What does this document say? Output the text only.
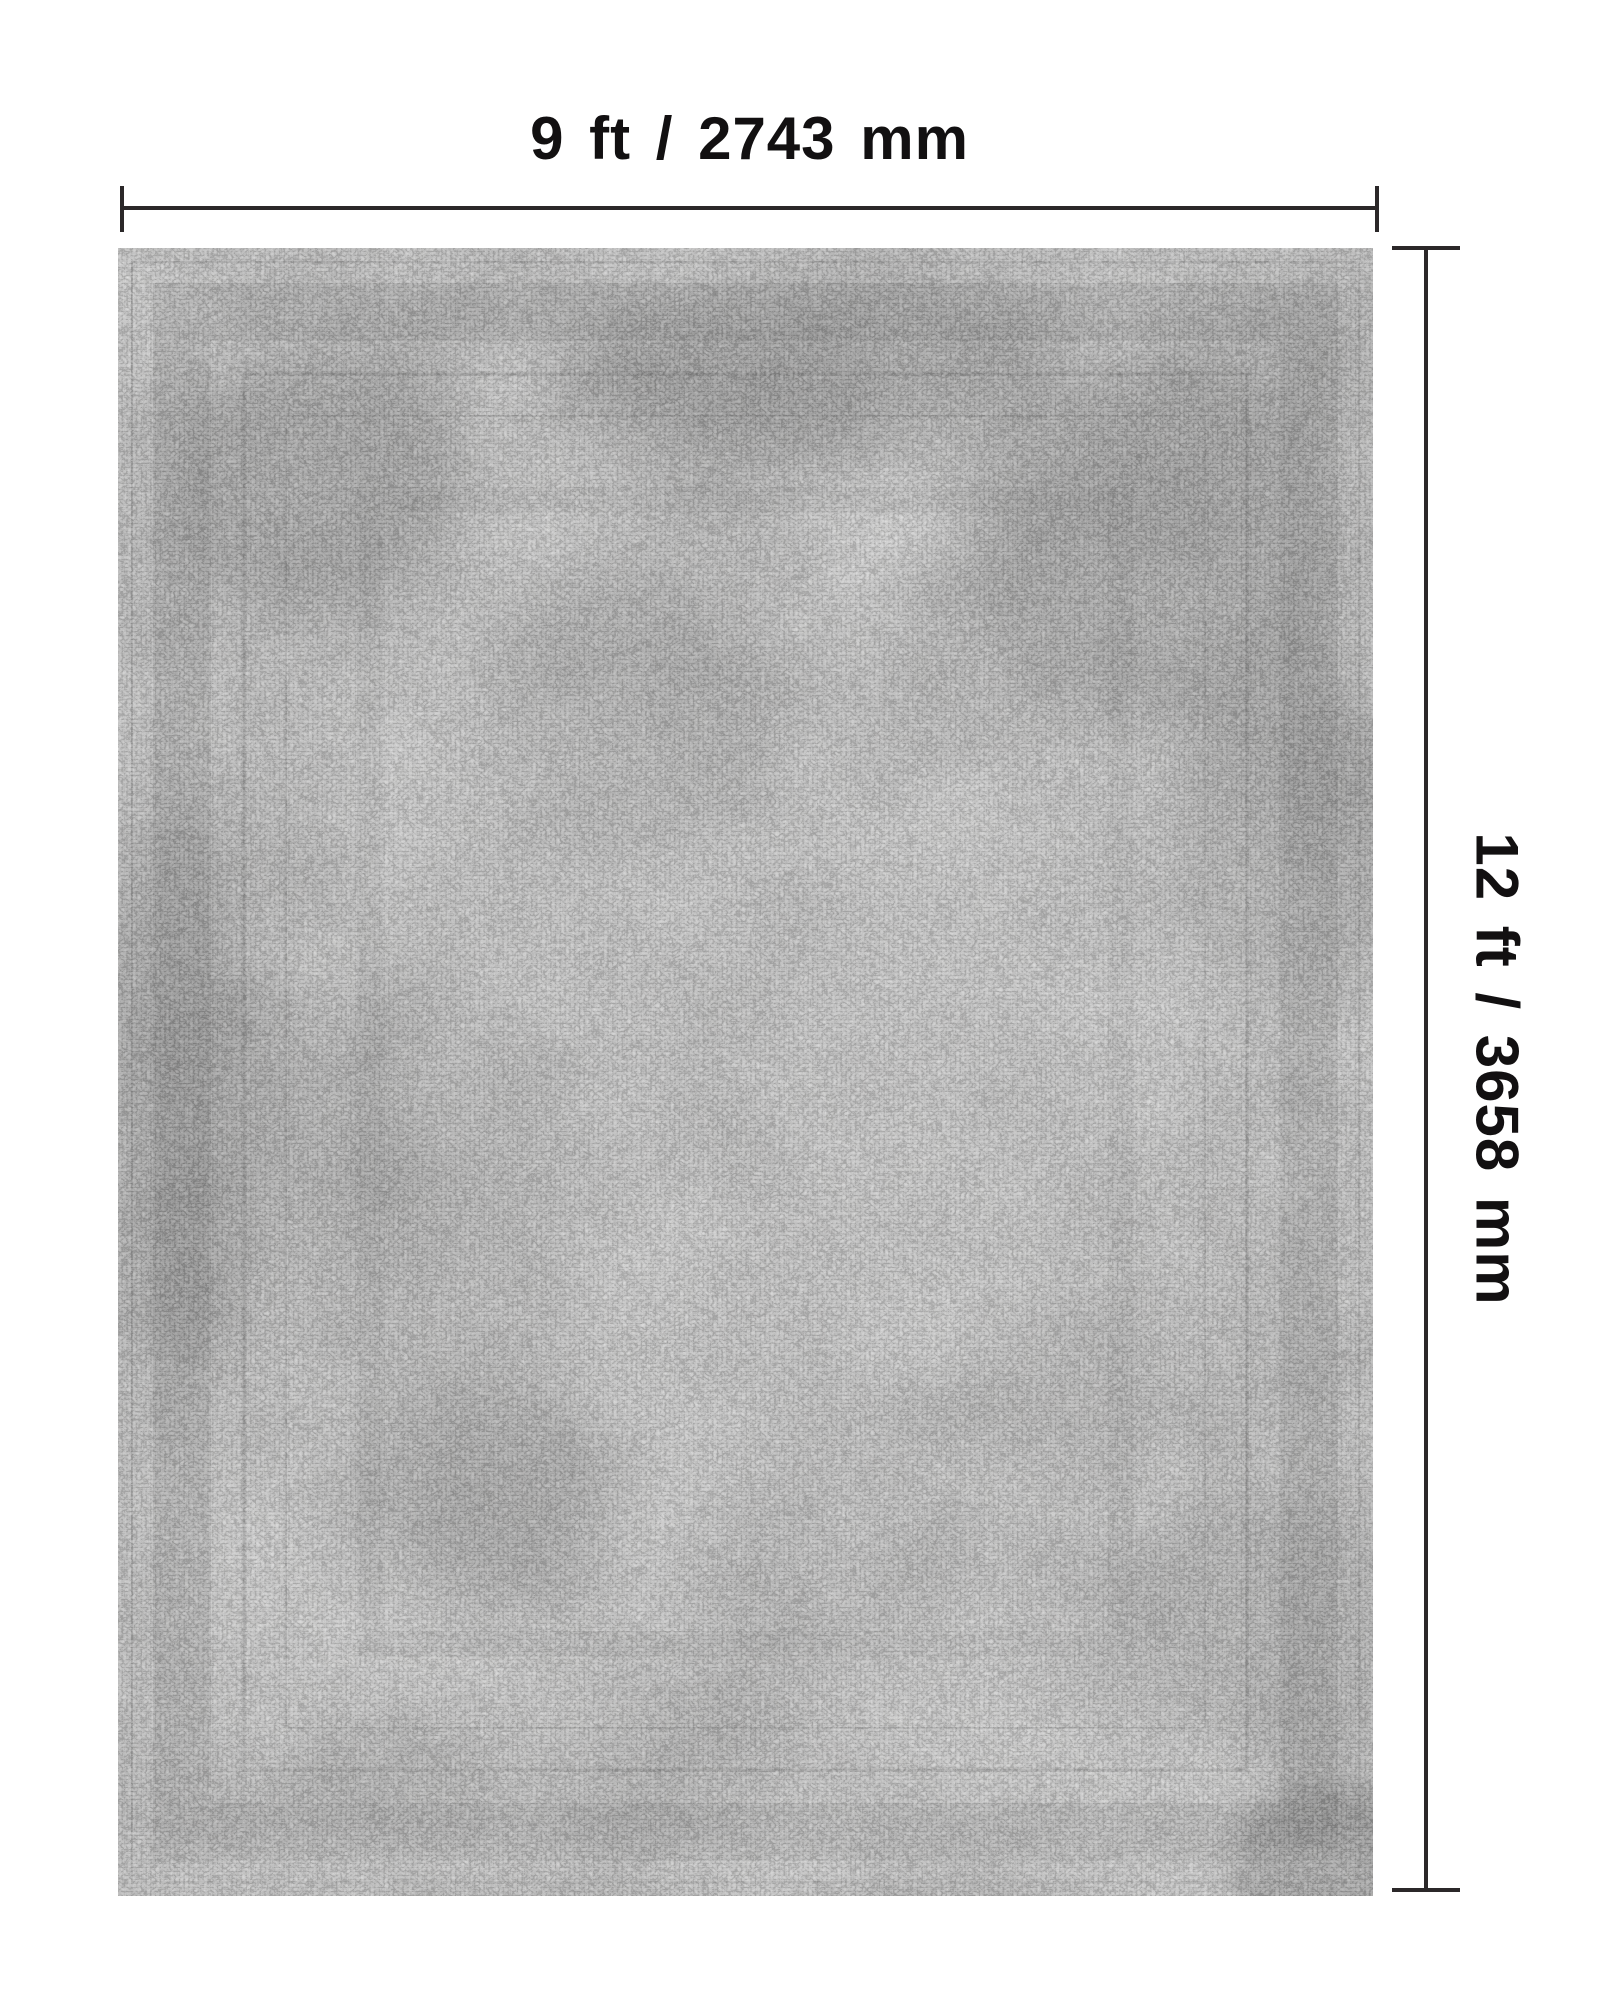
9 ft / 2743 mm
12 ft / 3658 mm
